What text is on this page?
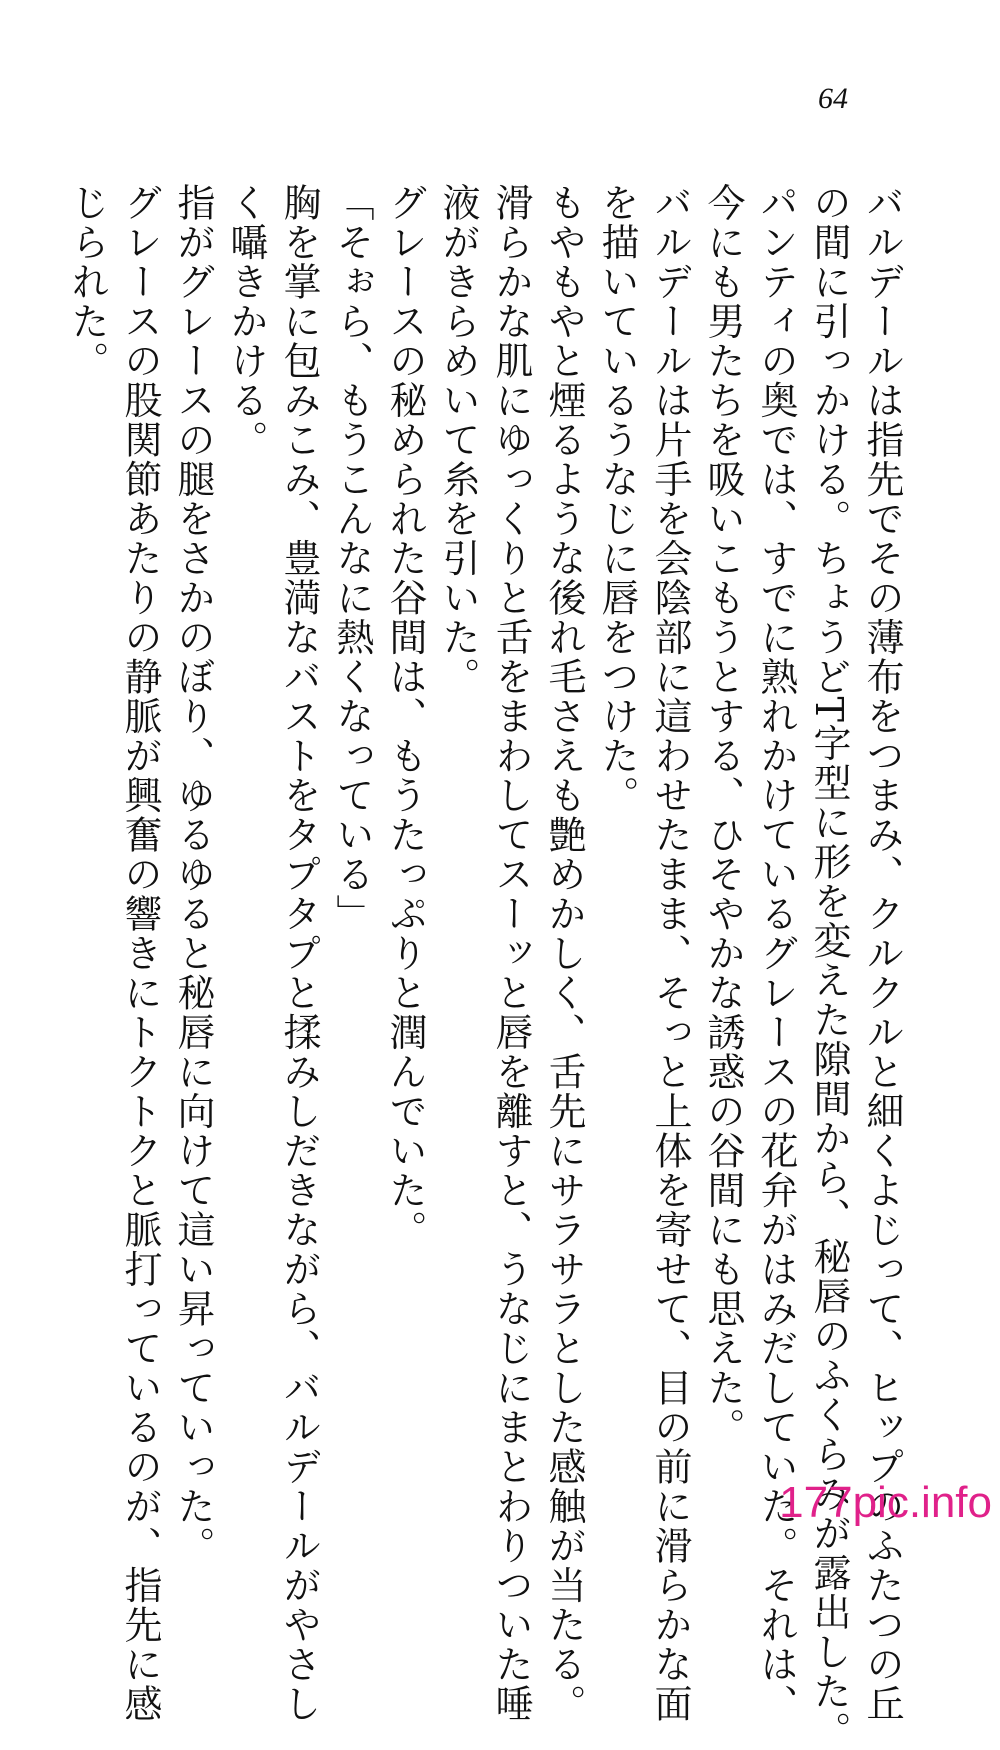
64
バルデールは指先でその薄布をつまみ、クルクルと細くよじって、ヒップのふたつの丘
の間に引っかける。ちょうどT字型に形を変えた隙間から、秘唇のふくらみが露出した。
パンティの奥では、すでに熟れかけているグレースの花弁がはみだしていた。それは、
今にも男たちを吸いこもうとする、ひそやかな誘惑の谷間にも思えた。
バルデールは片手を会陰部に這わせたまま、そっと上体を寄せて、目の前に滑らかな面
を描いているうなじに唇をつけた。
もやもやと煙るような後れ毛さえも艶めかしく、舌先にサラサラとした感触が当たる。
滑らかな肌にゆっくりと舌をまわしてスーッと唇を離すと、うなじにまとわりついた唾
液がきらめいて糸を引いた。
グレースの秘められた谷間は、もうたっぷりと潤んでいた。
「そぉら、もうこんなに熱くなっている」
胸を掌に包みこみ、豊満なバストをタプタプと揉みしだきながら、バルデールがやさし
く囁きかける。
指がグレースの腿をさかのぼり、ゆるゆると秘唇に向けて這い昇っていった。
グレースの股関節あたりの静脈が興奮の響きにトクトクと脈打っているのが、指先に感
じられた。
177pic.info
